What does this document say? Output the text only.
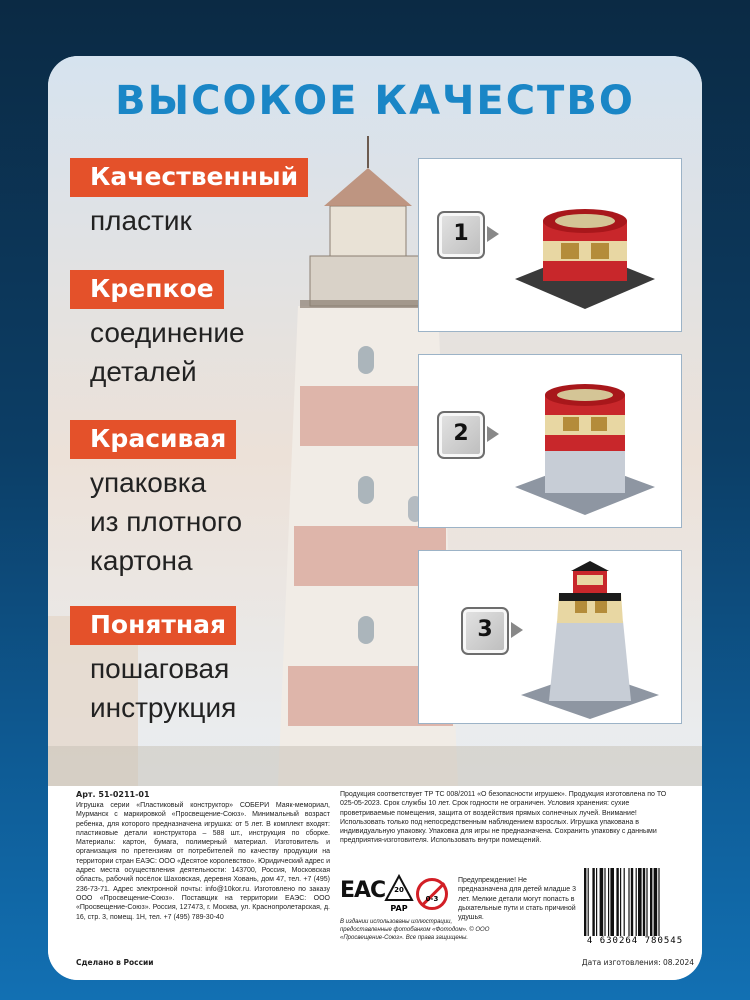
ВЫСОКОЕ КАЧЕСТВО
Качественный
пластик
Крепкое
соединение
деталей
Красивая
упаковка
из плотного
картона
Понятная
пошаговая
инструкция
1
2
3
Арт. 51-0211-01
Игрушка серии «Пластиковый конструктор» СОБЕРИ Маяк-мемориал, Мурманск с маркировкой «Просвещение-Союз». Минимальный возраст ребенка, для которого предназначена игрушка: от 5 лет. В комплект входят: пластиковые детали конструктора – 588 шт., инструкция по сборке. Материалы: картон, бумага, полимерный материал. Изготовитель и организация по претензиям от потребителей по качеству продукции на территории стран ЕАЭС: ООО «Десятое королевство». Юридический адрес и адрес места осуществления деятельности: 143700, Россия, Московская область, рабочий посёлок Шаховская, деревня Ховань, дом 47, тел. +7 (495) 236-73-71. Адрес электронной почты: info@10kor.ru. Изготовлено по заказу ООО «Просвещение-Союз». Поставщик на территории ЕАЭС: ООО «Просвещение-Союз». Россия, 127473, г. Москва, ул. Краснопролетарская, д. 16, стр. 3, помещ. 1Н, тел. +7 (495) 789-30-40
Сделано в России
Продукция соответствует ТР ТС 008/2011 «О безопасности игрушек». Продукция изготовлена по ТО 025-05-2023. Срок службы 10 лет. Срок годности не ограничен. Условия хранения: сухие проветриваемые помещения, защита от воздействия прямых солнечных лучей. Внимание! Использовать только под непосредственным наблюдением взрослых. Игрушка упакована в индивидуальную упаковку. Упаковка для игры не предназначена. Сохранить упаковку с данными предприятия-изготовителя. Использовать внутри помещений.
EAC	20
PAP
0-3
Предупреждение! Не предназначена для детей младше 3 лет. Мелкие детали могут попасть в дыхательные пути и стать причиной удушья.
В издании использованы иллюстрации, предоставленные фотобанком «Фотодом». © ООО «Просвещение-Союз». Все права защищены.	4 630264 780545
Дата изготовления: 08.2024
